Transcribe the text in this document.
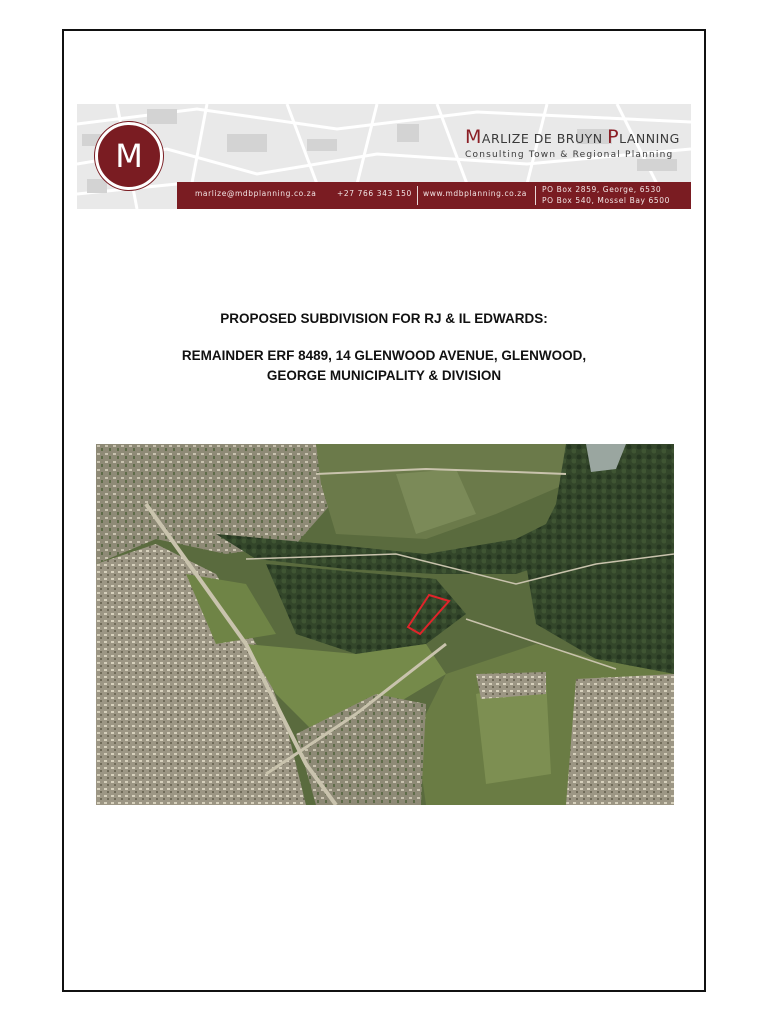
M	MARLIZE DE BRUYN PLANNING
Consulting Town & Regional Planning
marlize@mdbplanning.co.za	+27 766 343 150 www.mdbplanning.co.za PO Box 2859, George, 6530
PO Box 540, Mossel Bay 6500
PROPOSED SUBDIVISION FOR RJ & IL EDWARDS:
REMAINDER ERF 8489, 14 GLENWOOD AVENUE, GLENWOOD,
GEORGE MUNICIPALITY & DIVISION
